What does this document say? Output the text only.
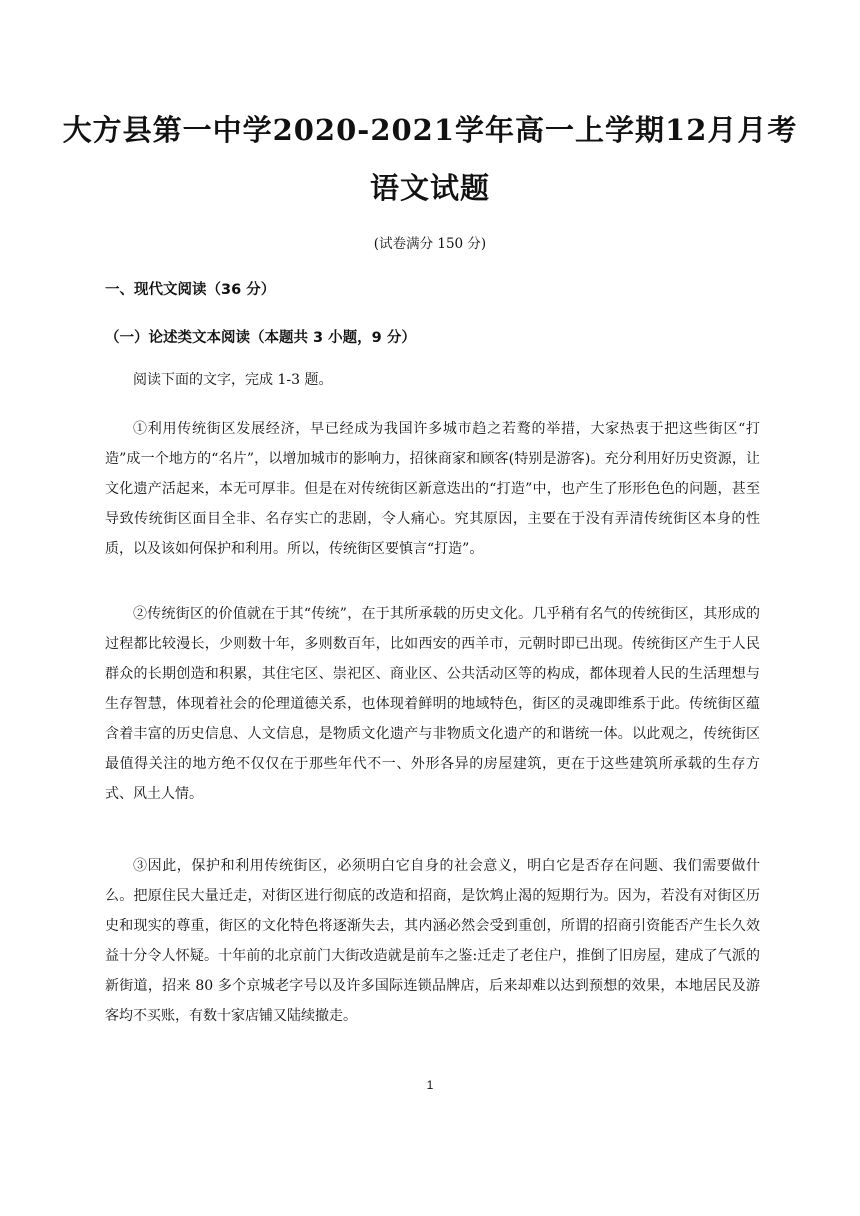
大方县第一中学2020-2021学年高一上学期12月月考
语文试题
(试卷满分 150 分)
一、现代文阅读（36 分）
（一）论述类文本阅读（本题共 3 小题，9 分）

阅读下面的文字，完成 1-3 题。

①利用传统街区发展经济，早已经成为我国许多城市趋之若鹜的举措，大家热衷于把这些街区“打造”成一个地方的“名片”，以增加城市的影响力，招徕商家和顾客(特别是游客)。充分利用好历史资源，让文化遗产活起来，本无可厚非。但是在对传统街区新意迭出的“打造”中，也产生了形形色色的问题，甚至导致传统街区面目全非、名存实亡的悲剧，令人痛心。究其原因，主要在于没有弄清传统街区本身的性质，以及该如何保护和利用。所以，传统街区要慎言“打造”。

②传统街区的价值就在于其“传统”，在于其所承载的历史文化。几乎稍有名气的传统街区，其形成的过程都比较漫长，少则数十年，多则数百年，比如西安的西羊市，元朝时即已出现。传统街区产生于人民群众的长期创造和积累，其住宅区、崇祀区、商业区、公共活动区等的构成，都体现着人民的生活理想与生存智慧，体现着社会的伦理道德关系，也体现着鲜明的地域特色，街区的灵魂即维系于此。传统街区蕴含着丰富的历史信息、人文信息，是物质文化遗产与非物质文化遗产的和谐统一体。以此观之，传统街区最值得关注的地方绝不仅仅在于那些年代不一、外形各异的房屋建筑，更在于这些建筑所承载的生存方式、风土人情。

③因此，保护和利用传统街区，必须明白它自身的社会意义，明白它是否存在问题、我们需要做什么。把原住民大量迁走，对街区进行彻底的改造和招商，是饮鸩止渴的短期行为。因为，若没有对街区历史和现实的尊重，街区的文化特色将逐渐失去，其内涵必然会受到重创，所谓的招商引资能否产生长久效益十分令人怀疑。十年前的北京前门大街改造就是前车之鉴:迁走了老住户，推倒了旧房屋，建成了气派的新街道，招来 80 多个京城老字号以及许多国际连锁品牌店，后来却难以达到预想的效果，本地居民及游客均不买账，有数十家店铺又陆续撤走。

1
